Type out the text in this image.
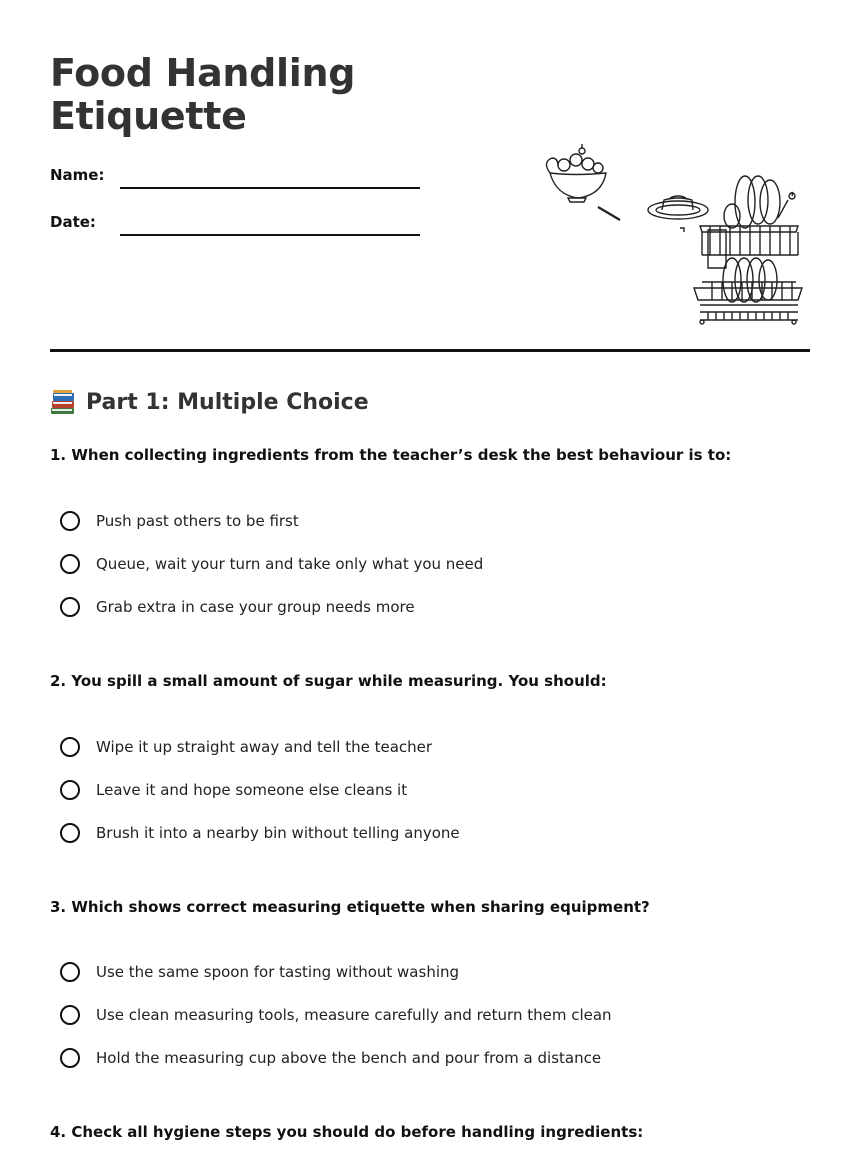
Food Handling
Etiquette
Name:
Date:
Part 1: Multiple Choice
1. When collecting ingredients from the teacher’s desk the best behaviour is to:
Push past others to be first
Queue, wait your turn and take only what you need
Grab extra in case your group needs more
2. You spill a small amount of sugar while measuring. You should:
Wipe it up straight away and tell the teacher
Leave it and hope someone else cleans it
Brush it into a nearby bin without telling anyone
3. Which shows correct measuring etiquette when sharing equipment?
Use the same spoon for tasting without washing
Use clean measuring tools, measure carefully and return them clean
Hold the measuring cup above the bench and pour from a distance
4. Check all hygiene steps you should do before handling ingredients:
